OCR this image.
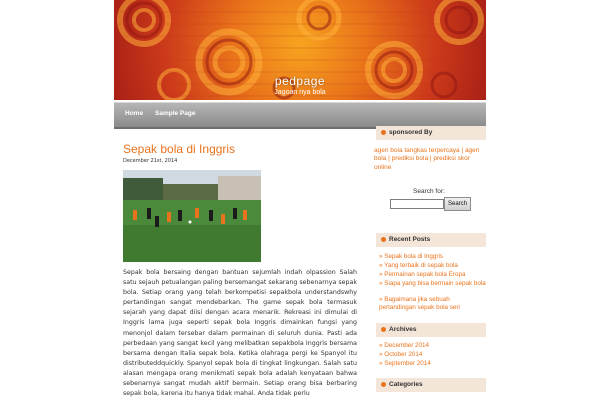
pedpage
Jagoan nya bola
Home Sample Page
Sepak bola di Inggris
December 21st, 2014
Sepak bola bersaing dengan bantuan sejumlah indah olpassion Salah satu sejauh petualangan paling bersemangat sekarang sebenarnya sepak bola. Setiap orang yang telah berkompetisi sepakbola understandswhy pertandingan sangat mendebarkan. The game sepak bola termasuk sejarah yang dapat diisi dengan acara menarik. Rekreasi ini dimulai di Inggris lama juga seperti sepak bola Inggris dimainkan fungsi yang menonjol dalam tersebar dalam permainan di seluruh dunia. Pasti ada perbedaan yang sangat kecil yang melibatkan sepakbola Inggris bersama bersama dengan Italia sepak bola. Ketika olahraga pergi ke Spanyol itu distributeddquickly. Spanyol sepak bola di tingkat lingkungan. Salah satu alasan mengapa orang menikmati sepak bola adalah kenyataan bahwa sebenarnya sangat mudah aktif bermain. Setiap orang bisa berbaring sepak bola, karena itu hanya tidak mahal. Anda tidak perlu
sponsored By
agen bola tangkas terpercaya | agen bola | prediksi bola | prediksi skor online
Search for:
Search
Recent Posts
» Sepak bola di Inggris
» Yang terbaik di sepak bola
» Permainan sepak bola Eropa
» Siapa yang bisa bermain sepak bola
» Bagaimana jika sebuah pertandingan sepak bola seri
Archives
» December 2014
» October 2014
» September 2014
Categories
